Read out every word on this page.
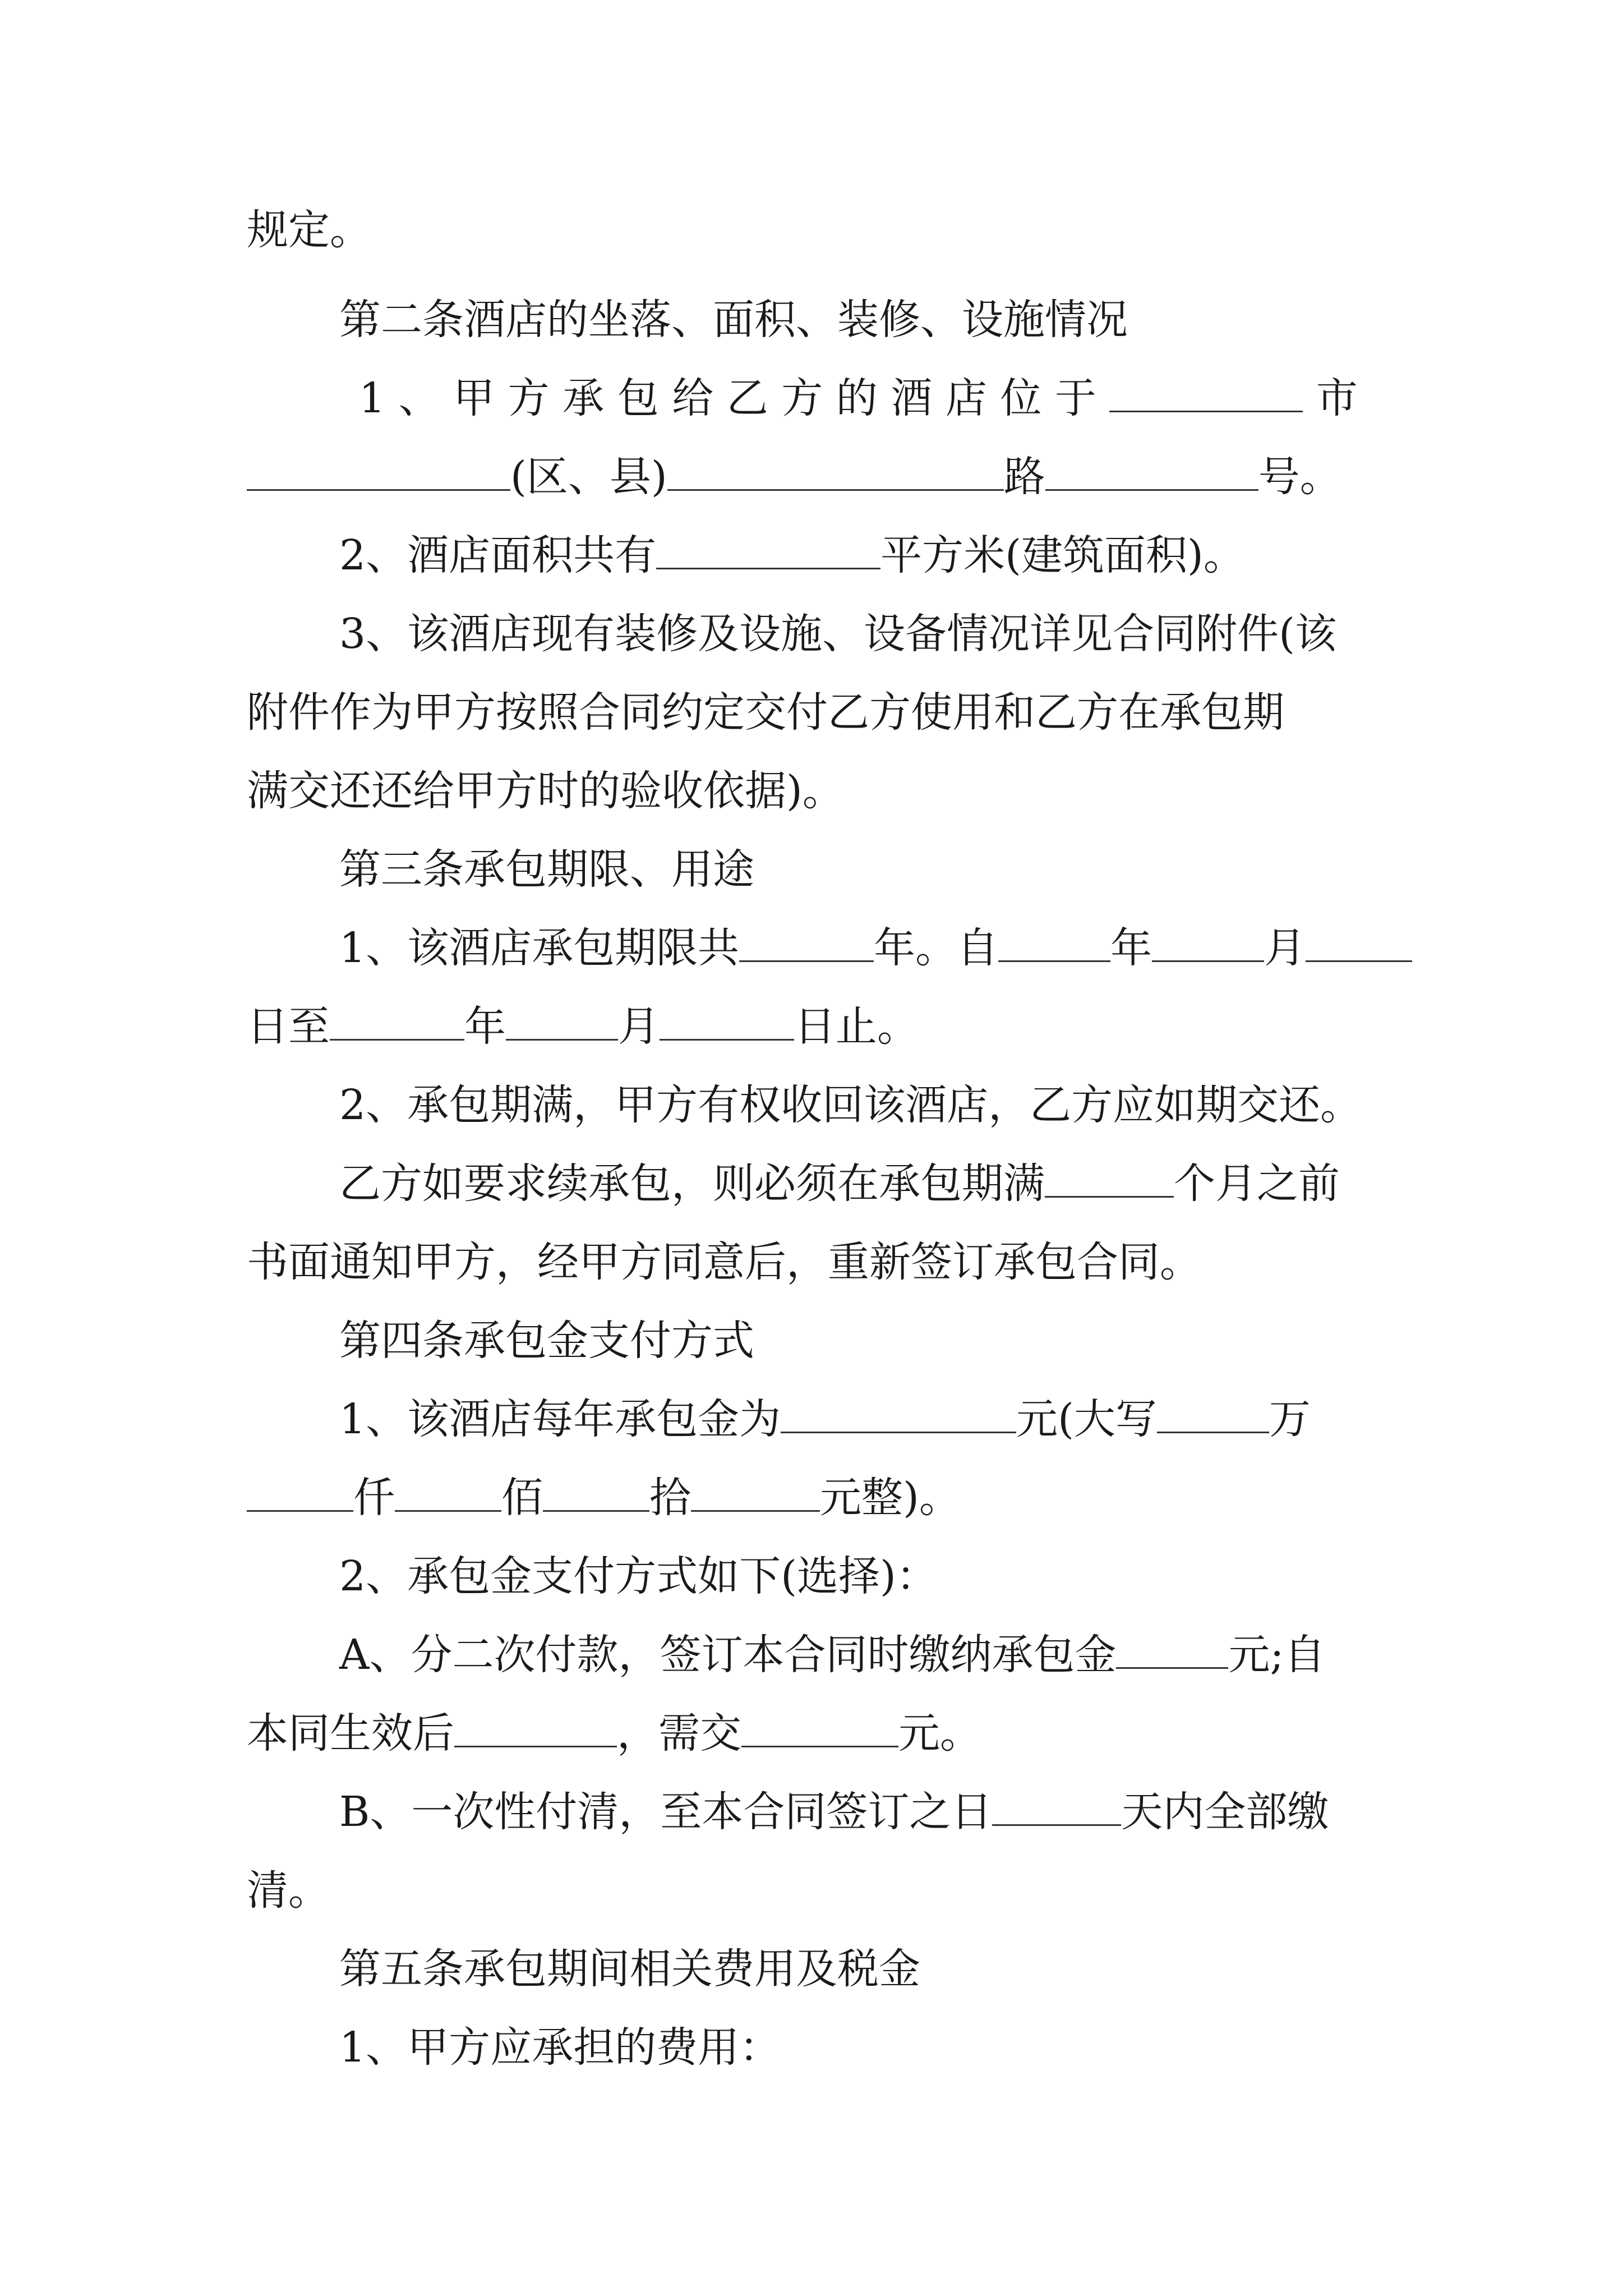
规定。
第二条酒店的坐落、面积、装修、设施情况
1 、 甲 方 承 包 给 乙 方 的 酒 店 位 于	市
(区、县)	路	号。
2、酒店面积共有	平方米(建筑面积)。
3、该酒店现有装修及设施、设备情况详见合同附件(该
附件作为甲方按照合同约定交付乙方使用和乙方在承包期
满交还还给甲方时的验收依据)。
第三条承包期限、用途
1、该酒店承包期限共	年。自	年	月
日至	年	月	日止。
2、承包期满，甲方有权收回该酒店，乙方应如期交还。
乙方如要求续承包，则必须在承包期满	个月之前
书面通知甲方，经甲方同意后，重新签订承包合同。
第四条承包金支付方式
1、该酒店每年承包金为	元(大写	万
仟	佰	拾	元整)。
2、承包金支付方式如下(选择)：
A、分二次付款，签订本合同时缴纳承包金	元;自
本同生效后	，需交	元。
B、一次性付清，至本合同签订之日	天内全部缴
清。
第五条承包期间相关费用及税金
1、甲方应承担的费用：
